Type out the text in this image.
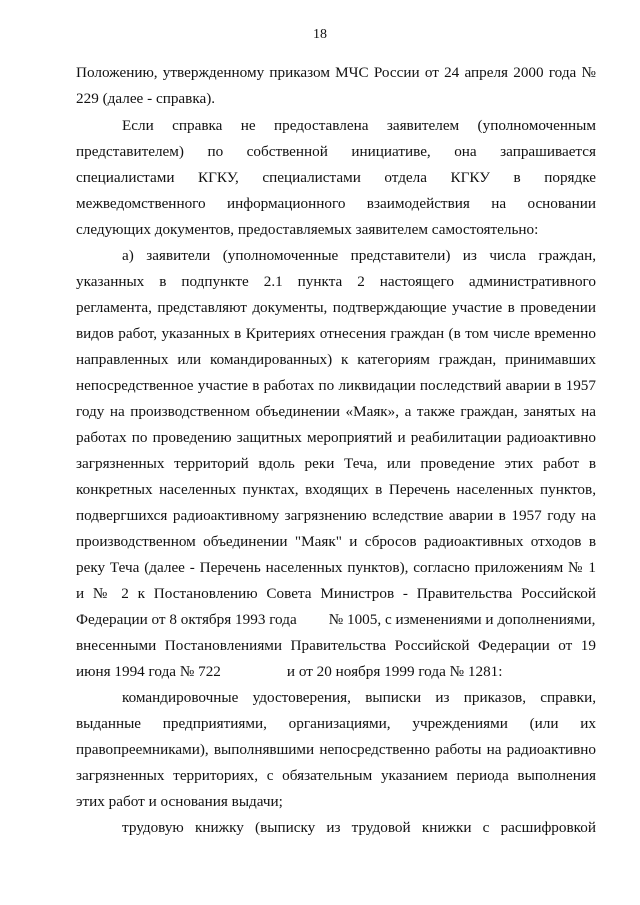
18
Положению, утвержденному приказом МЧС России от 24 апреля 2000 года №
229 (далее - справка).
Если справка не предоставлена заявителем (уполномоченным
представителем) по собственной инициативе, она запрашивается
специалистами КГКУ, специалистами отдела КГКУ в порядке
межведомственного информационного взаимодействия на основании
следующих документов, предоставляемых заявителем самостоятельно:
а) заявители (уполномоченные представители) из числа граждан,
указанных в подпункте 2.1 пункта 2 настоящего административного
регламента, представляют документы, подтверждающие участие в проведении
видов работ, указанных в Критериях отнесения граждан (в том числе временно
направленных или командированных) к категориям граждан, принимавших
непосредственное участие в работах по ликвидации последствий аварии в 1957
году на производственном объединении «Маяк», а также граждан, занятых на
работах по проведению защитных мероприятий и реабилитации радиоактивно
загрязненных территорий вдоль реки Теча, или проведение этих работ в
конкретных населенных пунктах, входящих в Перечень населенных пунктов,
подвергшихся радиоактивному загрязнению вследствие аварии в 1957 году на
производственном объединении "Маяк" и сбросов радиоактивных отходов в
реку Теча (далее - Перечень населенных пунктов), согласно приложениям № 1
и № 2 к Постановлению Совета Министров - Правительства Российской
Федерации от 8 октября 1993 года № 1005, с изменениями и дополнениями,
внесенными Постановлениями Правительства Российской Федерации от 19
июня 1994 года № 722	и от 20 ноября 1999 года № 1281:
командировочные удостоверения, выписки из приказов, справки,
выданные предприятиями, организациями, учреждениями (или их
правопреемниками), выполнявшими непосредственно работы на радиоактивно
загрязненных территориях, с обязательным указанием периода выполнения
этих работ и основания выдачи;
трудовую книжку (выписку из трудовой книжки с расшифровкой
